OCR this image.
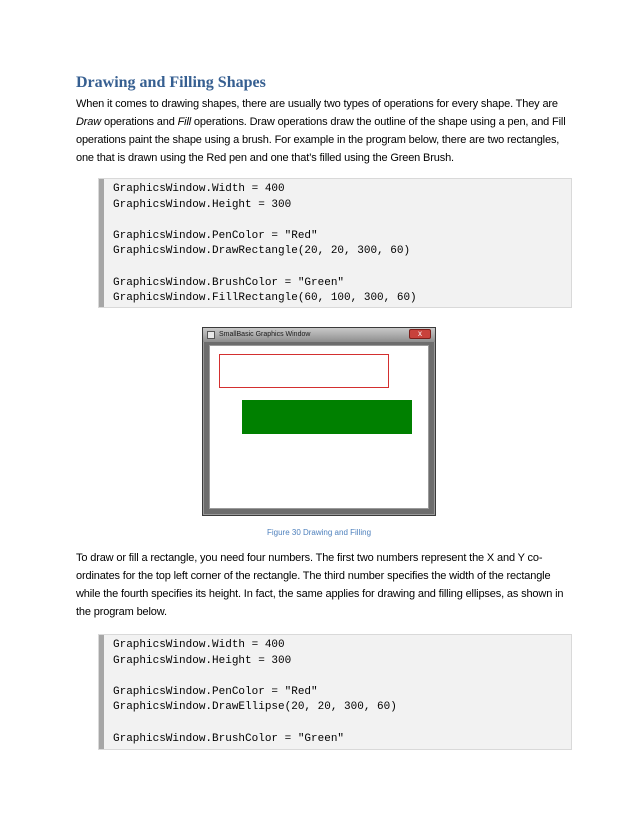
Drawing and Filling Shapes

When it comes to drawing shapes, there are usually two types of operations for every shape. They are Draw operations and Fill operations. Draw operations draw the outline of the shape using a pen, and Fill operations paint the shape using a brush. For example in the program below, there are two rectangles, one that is drawn using the Red pen and one that’s filled using the Green Brush.

GraphicsWindow.Width = 400
GraphicsWindow.Height = 300
GraphicsWindow.PenColor = "Red"
GraphicsWindow.DrawRectangle(20, 20, 300, 60)
GraphicsWindow.BrushColor = "Green"
GraphicsWindow.FillRectangle(60, 100, 300, 60)
SmallBasic Graphics Window	x

Figure 30 Drawing and Filling

To draw or fill a rectangle, you need four numbers. The first two numbers represent the X and Y co-ordinates for the top left corner of the rectangle. The third number specifies the width of the rectangle while the fourth specifies its height. In fact, the same applies for drawing and filling ellipses, as shown in the program below.

GraphicsWindow.Width = 400
GraphicsWindow.Height = 300
GraphicsWindow.PenColor = "Red"
GraphicsWindow.DrawEllipse(20, 20, 300, 60)
GraphicsWindow.BrushColor = "Green"
